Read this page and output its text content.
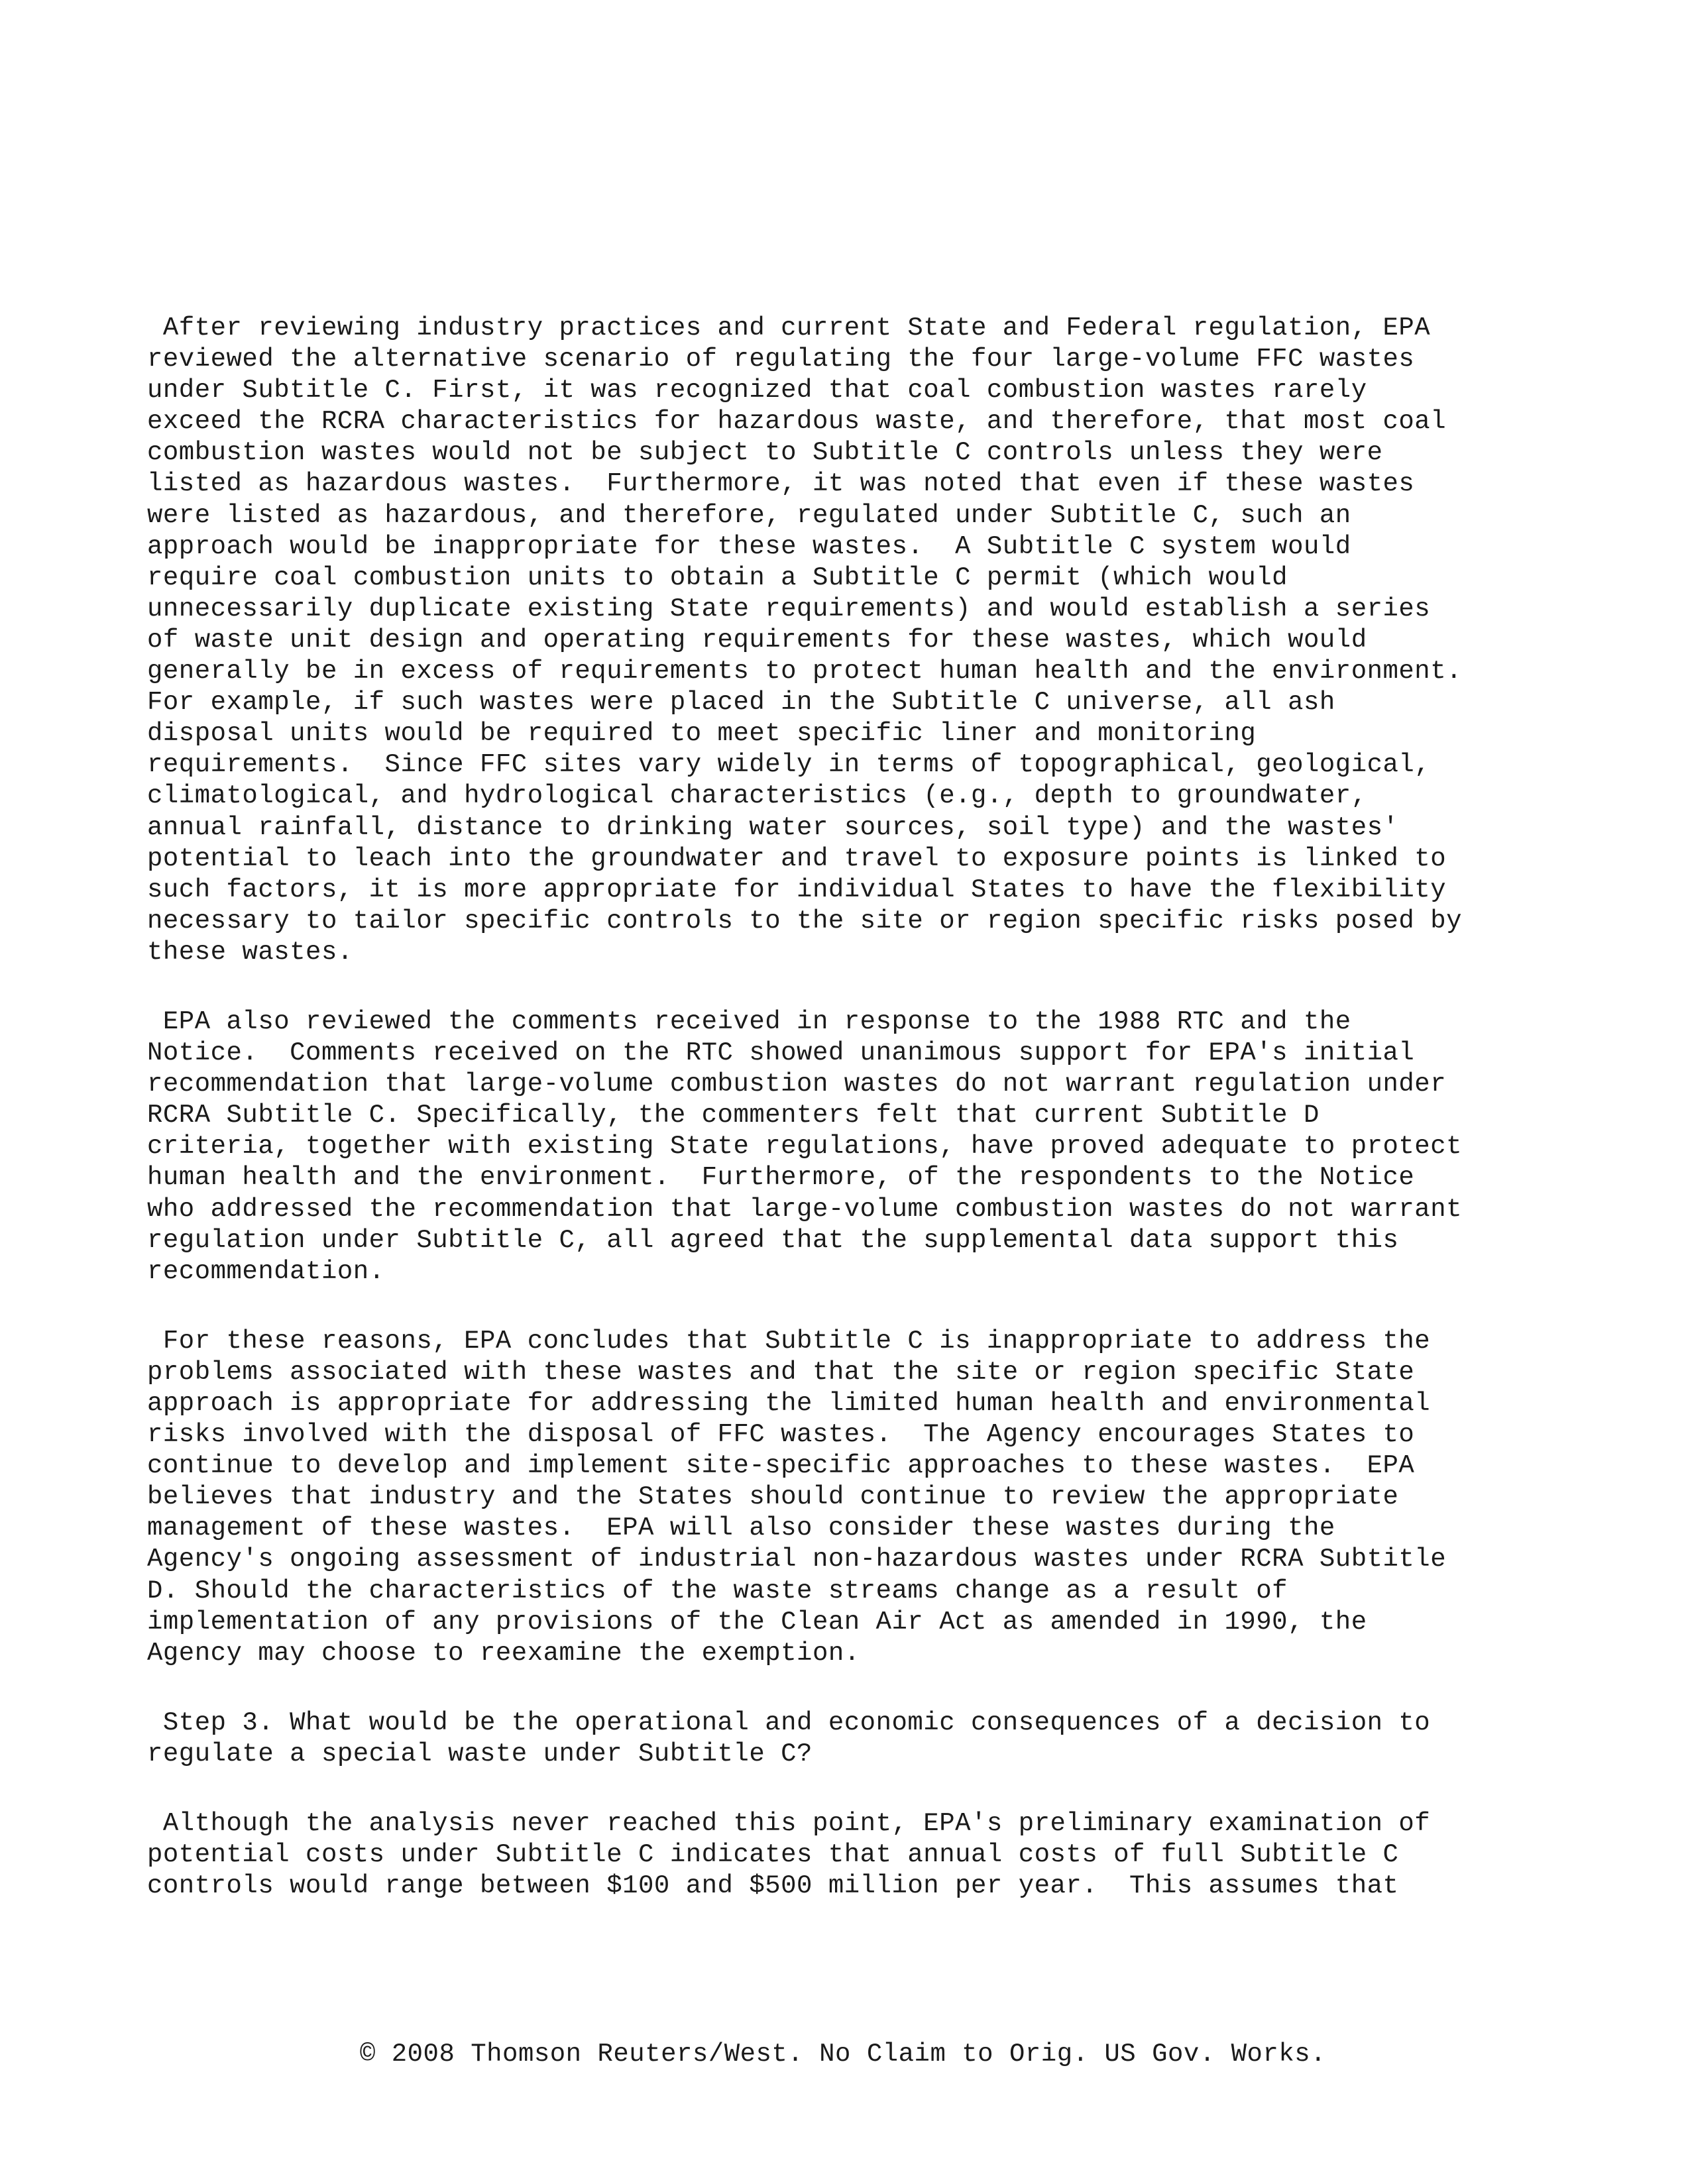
After reviewing industry practices and current State and Federal regulation, EPA
reviewed the alternative scenario of regulating the four large-volume FFC wastes
under Subtitle C. First, it was recognized that coal combustion wastes rarely
exceed the RCRA characteristics for hazardous waste, and therefore, that most coal
combustion wastes would not be subject to Subtitle C controls unless they were
listed as hazardous wastes.  Furthermore, it was noted that even if these wastes
were listed as hazardous, and therefore, regulated under Subtitle C, such an
approach would be inappropriate for these wastes.  A Subtitle C system would
require coal combustion units to obtain a Subtitle C permit (which would
unnecessarily duplicate existing State requirements) and would establish a series
of waste unit design and operating requirements for these wastes, which would
generally be in excess of requirements to protect human health and the environment.
For example, if such wastes were placed in the Subtitle C universe, all ash
disposal units would be required to meet specific liner and monitoring
requirements.  Since FFC sites vary widely in terms of topographical, geological,
climatological, and hydrological characteristics (e.g., depth to groundwater,
annual rainfall, distance to drinking water sources, soil type) and the wastes'
potential to leach into the groundwater and travel to exposure points is linked to
such factors, it is more appropriate for individual States to have the flexibility
necessary to tailor specific controls to the site or region specific risks posed by
these wastes.
EPA also reviewed the comments received in response to the 1988 RTC and the
Notice.  Comments received on the RTC showed unanimous support for EPA's initial
recommendation that large-volume combustion wastes do not warrant regulation under
RCRA Subtitle C. Specifically, the commenters felt that current Subtitle D
criteria, together with existing State regulations, have proved adequate to protect
human health and the environment.  Furthermore, of the respondents to the Notice
who addressed the recommendation that large-volume combustion wastes do not warrant
regulation under Subtitle C, all agreed that the supplemental data support this
recommendation.
For these reasons, EPA concludes that Subtitle C is inappropriate to address the
problems associated with these wastes and that the site or region specific State
approach is appropriate for addressing the limited human health and environmental
risks involved with the disposal of FFC wastes.  The Agency encourages States to
continue to develop and implement site-specific approaches to these wastes.  EPA
believes that industry and the States should continue to review the appropriate
management of these wastes.  EPA will also consider these wastes during the
Agency's ongoing assessment of industrial non-hazardous wastes under RCRA Subtitle
D. Should the characteristics of the waste streams change as a result of
implementation of any provisions of the Clean Air Act as amended in 1990, the
Agency may choose to reexamine the exemption.
Step 3. What would be the operational and economic consequences of a decision to
regulate a special waste under Subtitle C?
Although the analysis never reached this point, EPA's preliminary examination of
potential costs under Subtitle C indicates that annual costs of full Subtitle C
controls would range between $100 and $500 million per year.  This assumes that
© 2008 Thomson Reuters/West. No Claim to Orig. US Gov. Works.
